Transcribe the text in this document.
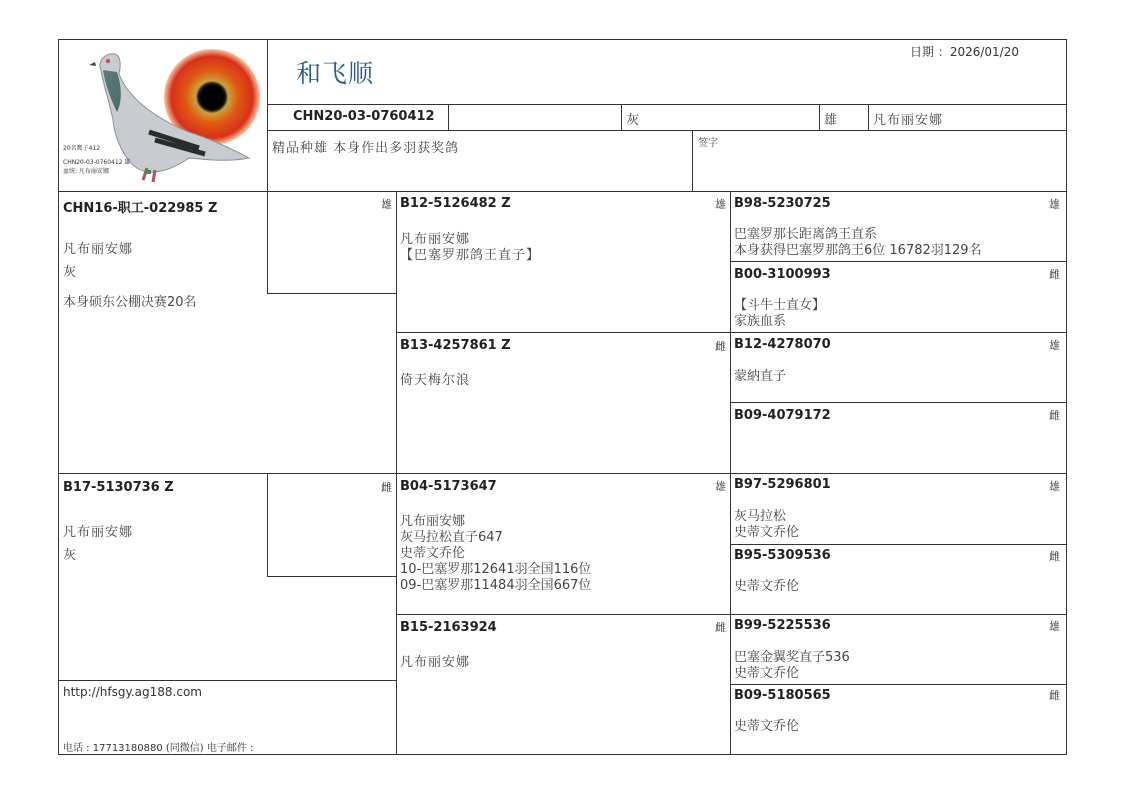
20名鹰子412
CHN20-03-0760412 雄
血统: 凡布丽安娜
和飞顺
日期 ：2026/01/20
CHN20-03-0760412	灰	雄	凡布丽安娜
精品种雄 本身作出多羽获奖鸽	签字
CHN16-职工-022985 Z	雄
凡布丽安娜
灰
本身硕东公棚决赛20名
B17-5130736 Z	雌
凡布丽安娜
灰
B12-5126482 Z	雄
凡布丽安娜
【巴塞罗那鸽王直子】
B13-4257861 Z	雌
倚天梅尔浪
B04-5173647	雄
凡布丽安娜
灰马拉松直子647
史蒂文乔伦
10-巴塞罗那12641羽全国116位
09-巴塞罗那11484羽全国667位
B15-2163924	雌
凡布丽安娜
B98-5230725	雄
巴塞罗那长距离鸽王直系
本身获得巴塞罗那鸽王6位 16782羽129名
B00-3100993	雌
【斗牛士直女】
家族血系
B12-4278070	雄
蒙納直子
B09-4079172	雌
B97-5296801	雄
灰马拉松
史蒂文乔伦
B95-5309536	雌
史蒂文乔伦
B99-5225536	雄
巴塞金翼奖直子536
史蒂文乔伦
B09-5180565	雌
史蒂文乔伦
http://hfsgy.ag188.com
电话 : 17713180880 (同微信) 电子邮件 :
